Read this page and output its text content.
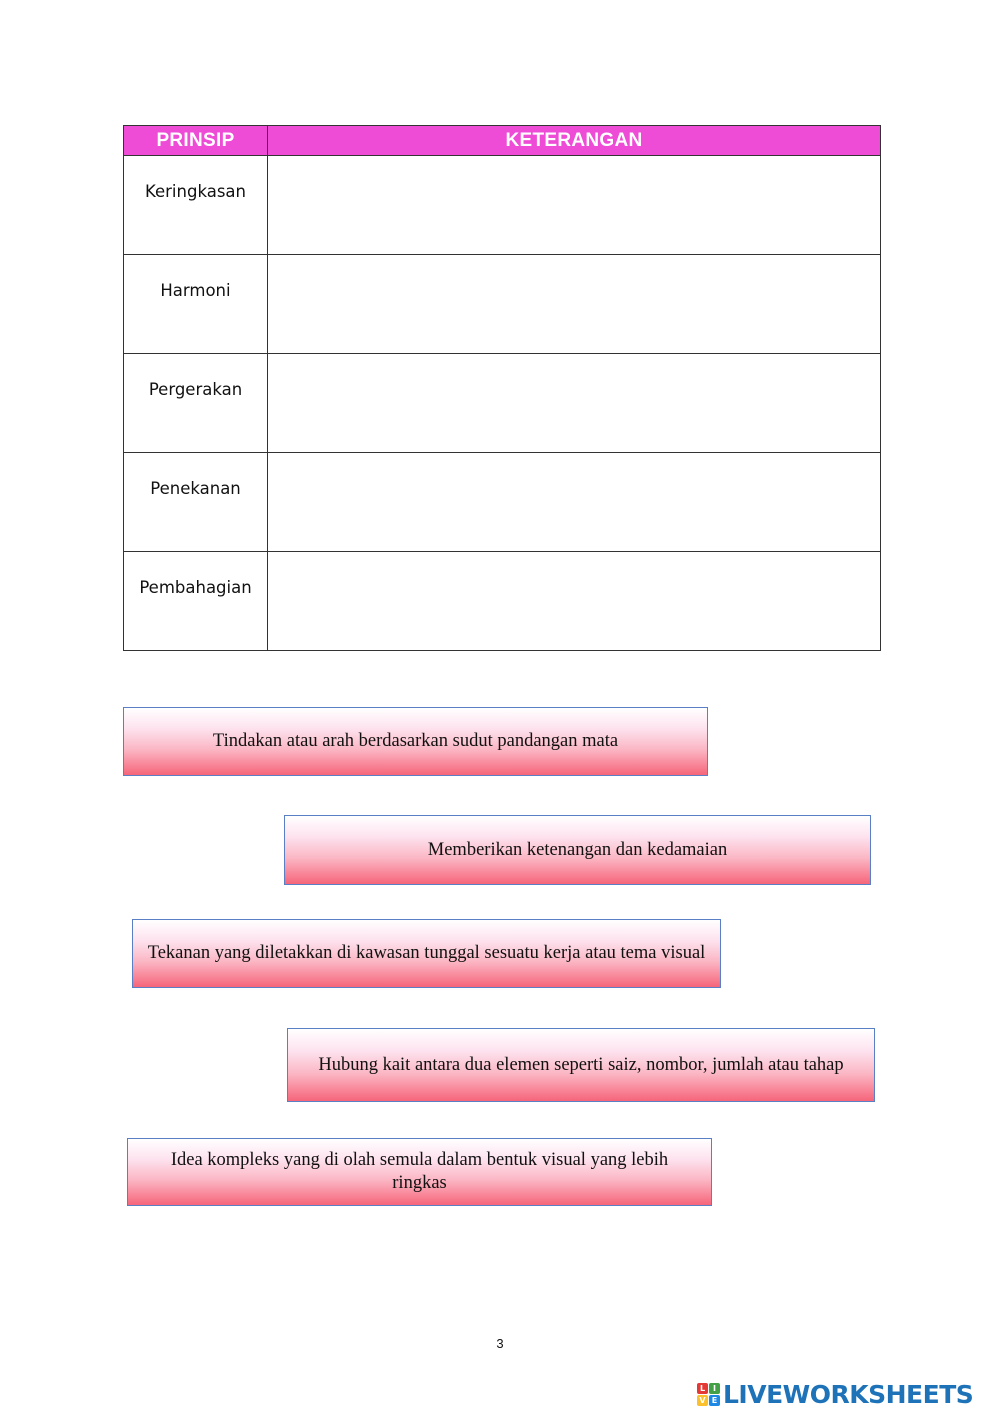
PRINSIP	KETERANGAN
Keringkasan	
Harmoni	
Pergerakan	
Penekanan	
Pembahagian	
Tindakan atau arah berdasarkan sudut pandangan mata
Memberikan ketenangan dan kedamaian
Tekanan yang diletakkan di kawasan tunggal sesuatu kerja atau tema visual
Hubung kait antara dua elemen seperti saiz, nombor, jumlah atau tahap
Idea kompleks yang di olah semula dalam bentuk visual yang lebih ringkas
3
L I
V E LIVEWORKSHEETS
